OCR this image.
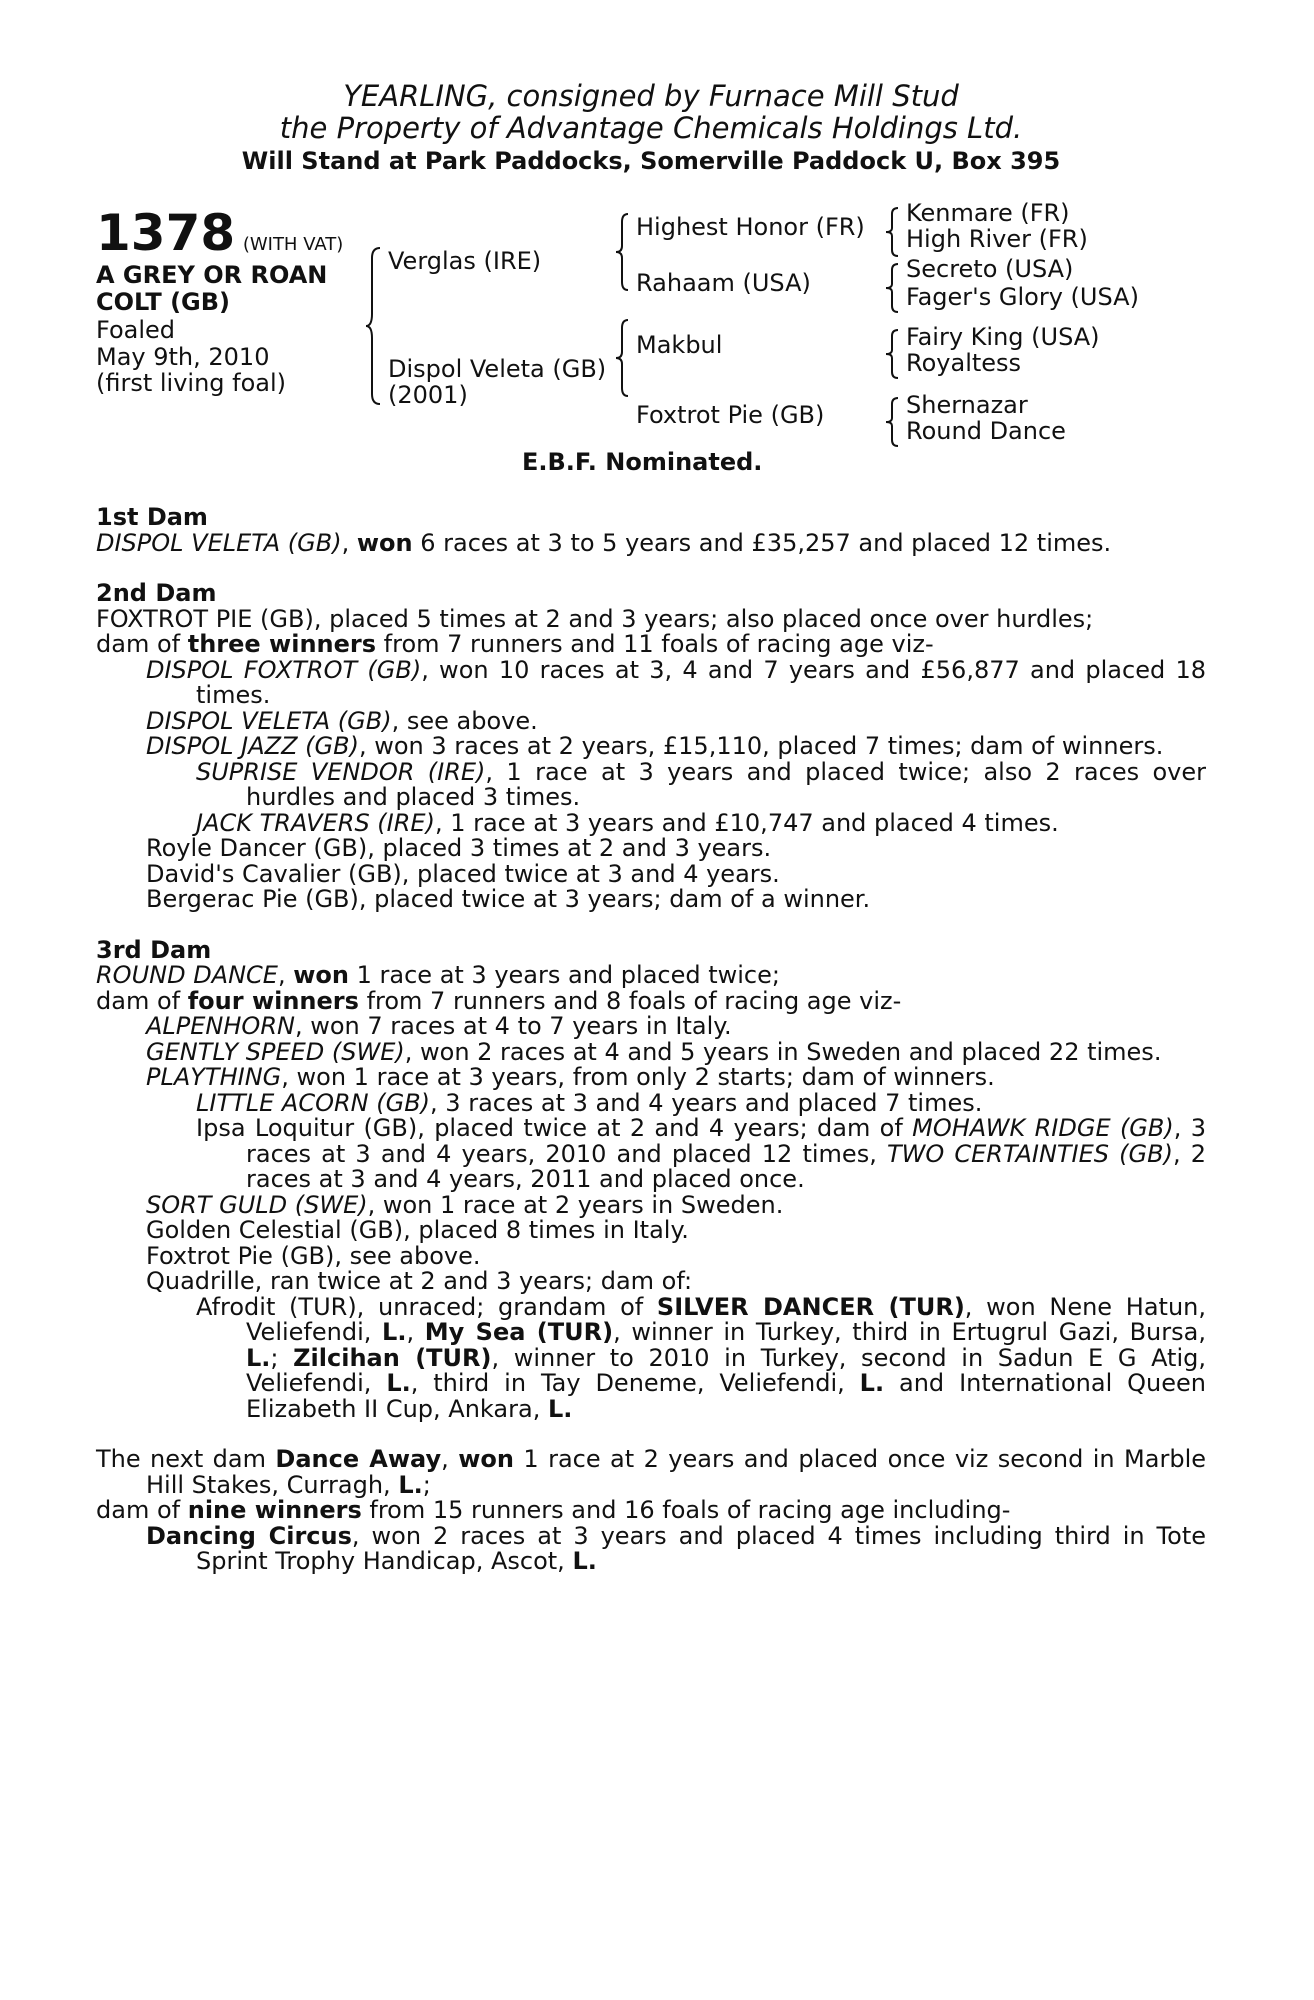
YEARLING, consigned by Furnace Mill Stud
the Property of Advantage Chemicals Holdings Ltd.
Will Stand at Park Paddocks, Somerville Paddock U, Box 395
1378 (WITH VAT)
A GREY OR ROAN
COLT (GB)
Foaled
May 9th, 2010
(first living foal)
Verglas (IRE)
Dispol Veleta (GB)
(2001)
Highest Honor (FR)
Rahaam (USA)
Makbul
Foxtrot Pie (GB)
Kenmare (FR)
High River (FR)
Secreto (USA)
Fager's Glory (USA)
Fairy King (USA)
Royaltess
Shernazar
Round Dance
E.B.F. Nominated.
1st Dam
DISPOL VELETA (GB), won 6 races at 3 to 5 years and £35,257 and placed 12 times.
2nd Dam
FOXTROT PIE (GB), placed 5 times at 2 and 3 years; also placed once over hurdles;
dam of three winners from 7 runners and 11 foals of racing age viz-
DISPOL FOXTROT (GB), won 10 races at 3, 4 and 7 years and £56,877 and placed 18 times.
DISPOL VELETA (GB), see above.
DISPOL JAZZ (GB), won 3 races at 2 years, £15,110, placed 7 times; dam of winners.
SUPRISE VENDOR (IRE), 1 race at 3 years and placed twice; also 2 races over hurdles and placed 3 times.
JACK TRAVERS (IRE), 1 race at 3 years and £10,747 and placed 4 times.
Royle Dancer (GB), placed 3 times at 2 and 3 years.
David's Cavalier (GB), placed twice at 3 and 4 years.
Bergerac Pie (GB), placed twice at 3 years; dam of a winner.
3rd Dam
ROUND DANCE, won 1 race at 3 years and placed twice;
dam of four winners from 7 runners and 8 foals of racing age viz-
ALPENHORN, won 7 races at 4 to 7 years in Italy.
GENTLY SPEED (SWE), won 2 races at 4 and 5 years in Sweden and placed 22 times.
PLAYTHING, won 1 race at 3 years, from only 2 starts; dam of winners.
LITTLE ACORN (GB), 3 races at 3 and 4 years and placed 7 times.
Ipsa Loquitur (GB), placed twice at 2 and 4 years; dam of MOHAWK RIDGE (GB), 3 races at 3 and 4 years, 2010 and placed 12 times, TWO CERTAINTIES (GB), 2 races at 3 and 4 years, 2011 and placed once.
SORT GULD (SWE), won 1 race at 2 years in Sweden.
Golden Celestial (GB), placed 8 times in Italy.
Foxtrot Pie (GB), see above.
Quadrille, ran twice at 2 and 3 years; dam of:
Afrodit (TUR), unraced; grandam of SILVER DANCER (TUR), won Nene Hatun, Veliefendi, L., My Sea (TUR), winner in Turkey, third in Ertugrul Gazi, Bursa, L.; Zilcihan (TUR), winner to 2010 in Turkey, second in Sadun E G Atig, Veliefendi, L., third in Tay Deneme, Veliefendi, L. and International Queen Elizabeth II Cup, Ankara, L.
The next dam Dance Away, won 1 race at 2 years and placed once viz second in Marble Hill Stakes, Curragh, L.;
dam of nine winners from 15 runners and 16 foals of racing age including-
Dancing Circus, won 2 races at 3 years and placed 4 times including third in Tote Sprint Trophy Handicap, Ascot, L.
